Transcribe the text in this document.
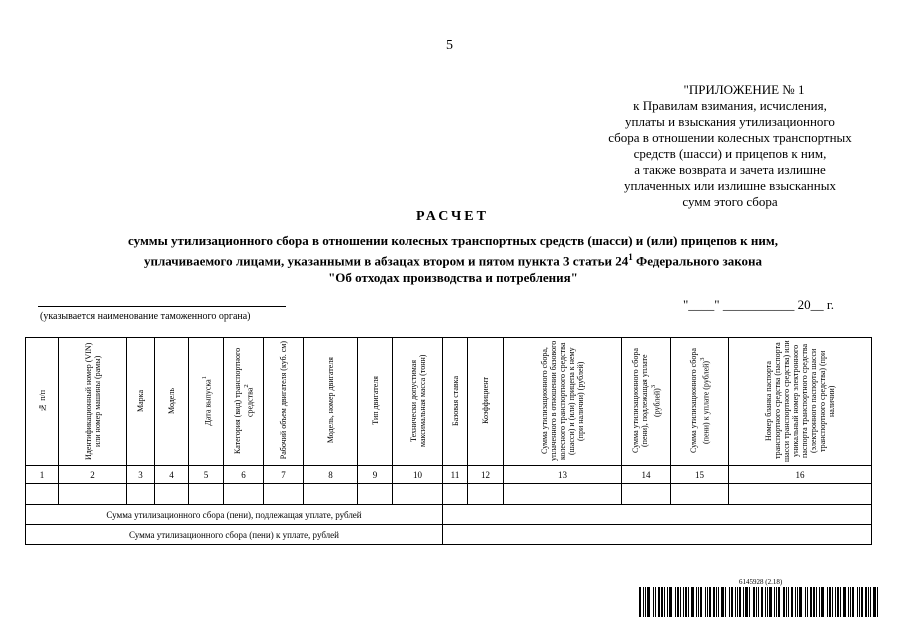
5
"ПРИЛОЖЕНИЕ № 1
к Правилам взимания, исчисления,
уплаты и взыскания утилизационного
сбора в отношении колесных транспортных
средств (шасси) и прицепов к ним,
а также возврата и зачета излишне
уплаченных или излишне взысканных
сумм этого сбора
РАСЧЕТ
суммы утилизационного сбора в отношении колесных транспортных средств (шасси) и (или) прицепов к ним,
уплачиваемого лицами, указанными в абзацах втором и пятом пункта 3 статьи $24^1$ Федерального закона
"Об отходах производства и потребления"
(указывается наименование таможенного органа)
"____" ___________ 20__ г.
№ п/п	Идентификационный номер (VIN) или номер машины (рамы)	Марка	Модель	Дата выпуска$^1$	Категория (вид) транспортного средства$^2$	Рабочий объем двигателя (куб. см)	Модель, номер двигателя	Тип двигателя	Технически допустимая максимальная масса (тонн)	Базовая ставка	Коэффициент	Сумма утилизационного сбора, уплаченного в отношении базового колесного транспортного средства (шасси) и (или) прицепа к нему (при наличии) (рублей)	Сумма утилизационного сбора (пени), подлежащая уплате (рублей)$^3$	Сумма утилизационного сбора (пени) к уплате (рублей)$^3$	Номер бланка паспорта транспортного средства (паспорта шасси транспортного средства) или уникальный номер электронного паспорта транспортного средства (электронного паспорта шасси транспортного средства) (при наличии)
1	2	3	4	5	6	7	8	9	10	11	12	13	14	15	16

Сумма утилизационного сбора (пени), подлежащая уплате, рублей															
Сумма утилизационного сбора (пени) к уплате, рублей															
6145928 (2.18)
